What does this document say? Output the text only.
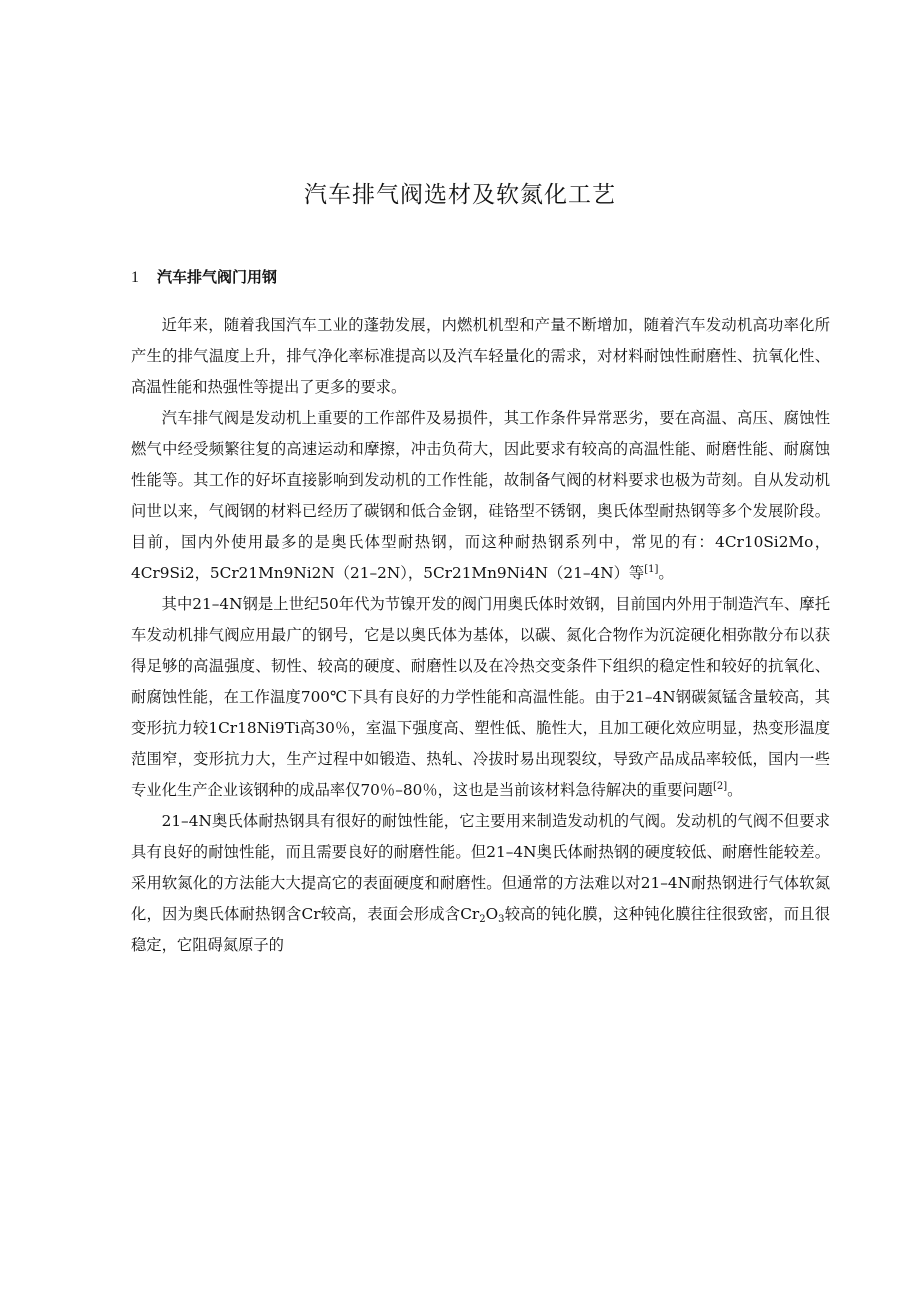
汽车排气阀选材及软氮化工艺
1 汽车排气阀门用钢

近年来，随着我国汽车工业的蓬勃发展，内燃机机型和产量不断增加，随着汽车发动机高功率化所产生的排气温度上升，排气净化率标准提高以及汽车轻量化的需求，对材料耐蚀性耐磨性、抗氧化性、高温性能和热强性等提出了更多的要求。

汽车排气阀是发动机上重要的工作部件及易损件，其工作条件异常恶劣，要在高温、高压、腐蚀性燃气中经受频繁往复的高速运动和摩擦，冲击负荷大，因此要求有较高的高温性能、耐磨性能、耐腐蚀性能等。其工作的好坏直接影响到发动机的工作性能，故制备气阀的材料要求也极为苛刻。自从发动机问世以来，气阀钢的材料已经历了碳钢和低合金钢，硅铬型不锈钢，奥氏体型耐热钢等多个发展阶段。目前，国内外使用最多的是奥氏体型耐热钢，而这种耐热钢系列中，常见的有：4Cr10Si2Mo，4Cr9Si2，5Cr21Mn9Ni2N（21–2N），5Cr21Mn9Ni4N（21–4N）等[1]。

其中21–4N钢是上世纪50年代为节镍开发的阀门用奥氏体时效钢，目前国内外用于制造汽车、摩托车发动机排气阀应用最广的钢号，它是以奥氏体为基体，以碳、氮化合物作为沉淀硬化相弥散分布以获得足够的高温强度、韧性、较高的硬度、耐磨性以及在冷热交变条件下组织的稳定性和较好的抗氧化、耐腐蚀性能，在工作温度700℃下具有良好的力学性能和高温性能。由于21–4N钢碳氮锰含量较高，其变形抗力较1Cr18Ni9Ti高30％，室温下强度高、塑性低、脆性大，且加工硬化效应明显，热变形温度范围窄，变形抗力大，生产过程中如锻造、热轧、冷拔时易出现裂纹，导致产品成品率较低，国内一些专业化生产企业该钢种的成品率仅70％–80％，这也是当前该材料急待解决的重要问题[2]。

21–4N奥氏体耐热钢具有很好的耐蚀性能，它主要用来制造发动机的气阀。发动机的气阀不但要求具有良好的耐蚀性能，而且需要良好的耐磨性能。但21–4N奥氏体耐热钢的硬度较低、耐磨性能较差。采用软氮化的方法能大大提高它的表面硬度和耐磨性。但通常的方法难以对21–4N耐热钢进行气体软氮化，因为奥氏体耐热钢含Cr较高，表面会形成含$Cr_2O_3$较高的钝化膜，这种钝化膜往往很致密，而且很稳定，它阻碍氮原子的
